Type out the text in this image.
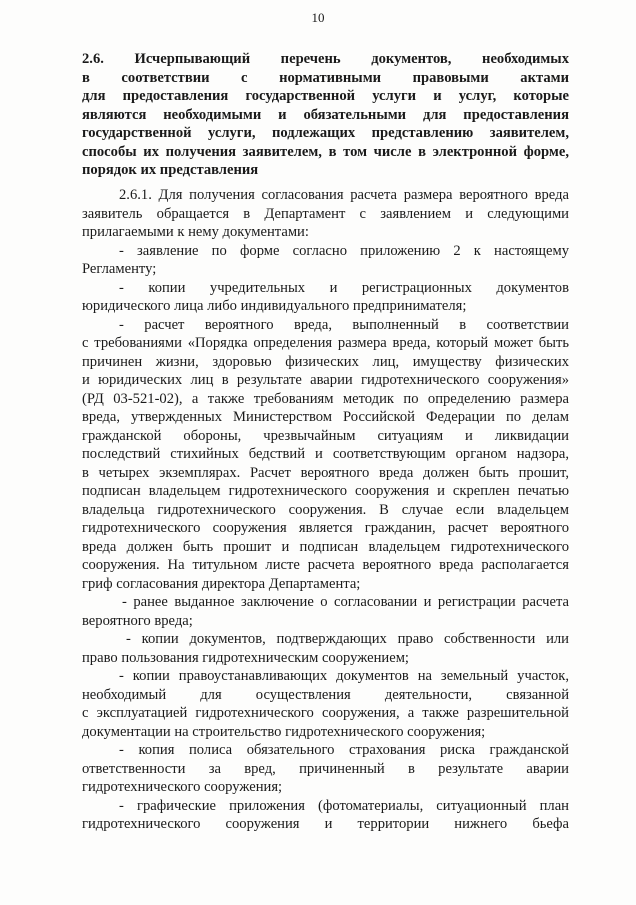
10
2.6. Исчерпывающий перечень документов, необходимых
в соответствии с нормативными правовыми актами
для предоставления государственной услуги и услуг, которые
являются необходимыми и обязательными для предоставления
государственной услуги, подлежащих представлению заявителем,
способы их получения заявителем, в том числе в электронной форме,
порядок их представления
2.6.1. Для получения согласования расчета размера вероятного вреда
заявитель обращается в Департамент с заявлением и следующими
прилагаемыми к нему документами:
- заявление по форме согласно приложению 2 к настоящему
Регламенту;
- копии учредительных и регистрационных документов
юридического лица либо индивидуального предпринимателя;
- расчет вероятного вреда, выполненный в соответствии
с требованиями «Порядка определения размера вреда, который может быть
причинен жизни, здоровью физических лиц, имуществу физических
и юридических лиц в результате аварии гидротехнического сооружения»
(РД 03-521-02), а также требованиям методик по определению размера
вреда, утвержденных Министерством Российской Федерации по делам
гражданской обороны, чрезвычайным ситуациям и ликвидации
последствий стихийных бедствий и соответствующим органом надзора,
в четырех экземплярах. Расчет вероятного вреда должен быть прошит,
подписан владельцем гидротехнического сооружения и скреплен печатью
владельца гидротехнического сооружения. В случае если владельцем
гидротехнического сооружения является гражданин, расчет вероятного
вреда должен быть прошит и подписан владельцем гидротехнического
сооружения. На титульном листе расчета вероятного вреда располагается
гриф согласования директора Департамента;
- ранее выданное заключение о согласовании и регистрации расчета
вероятного вреда;
- копии документов, подтверждающих право собственности или
право пользования гидротехническим сооружением;
- копии правоустанавливающих документов на земельный участок,
необходимый для осуществления деятельности, связанной
с эксплуатацией гидротехнического сооружения, а также разрешительной
документации на строительство гидротехнического сооружения;
- копия полиса обязательного страхования риска гражданской
ответственности за вред, причиненный в результате аварии
гидротехнического сооружения;
- графические приложения (фотоматериалы, ситуационный план
гидротехнического сооружения и территории нижнего бьефа
